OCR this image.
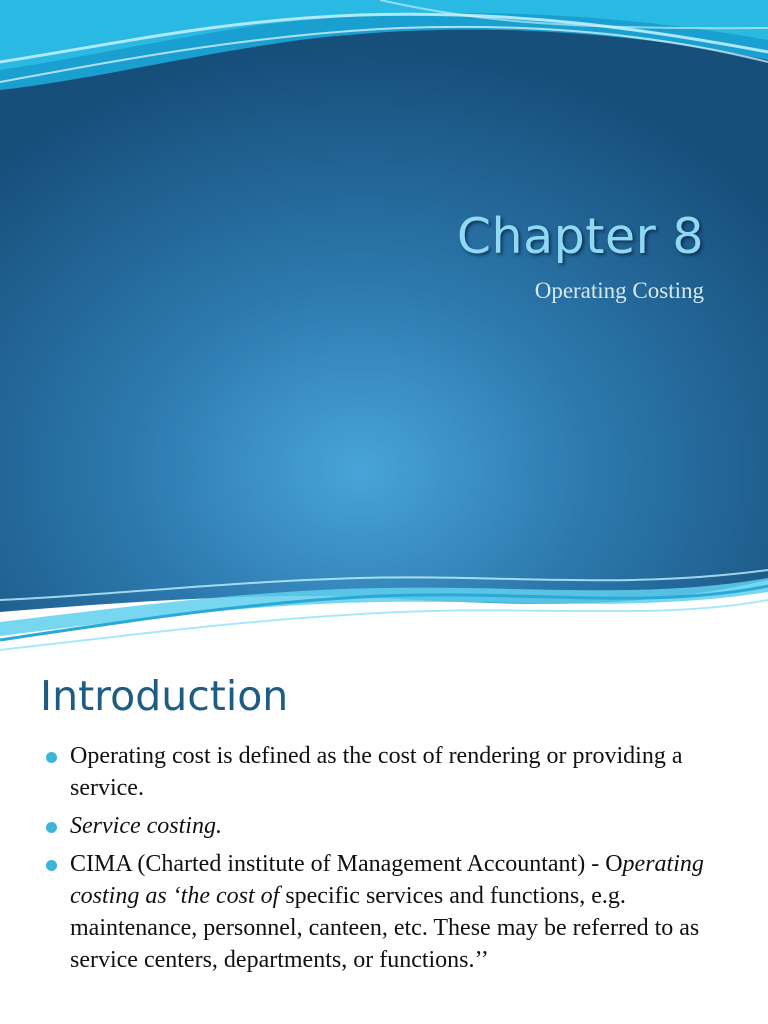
Chapter 8
Operating Costing
Introduction
Operating cost is defined as the cost of rendering or providing a service.
Service costing.
CIMA (Charted institute of Management Accountant) - Operating costing as ‘the cost of specific services and functions, e.g. maintenance, personnel, canteen, etc. These may be referred to as service centers, departments, or functions.’’
